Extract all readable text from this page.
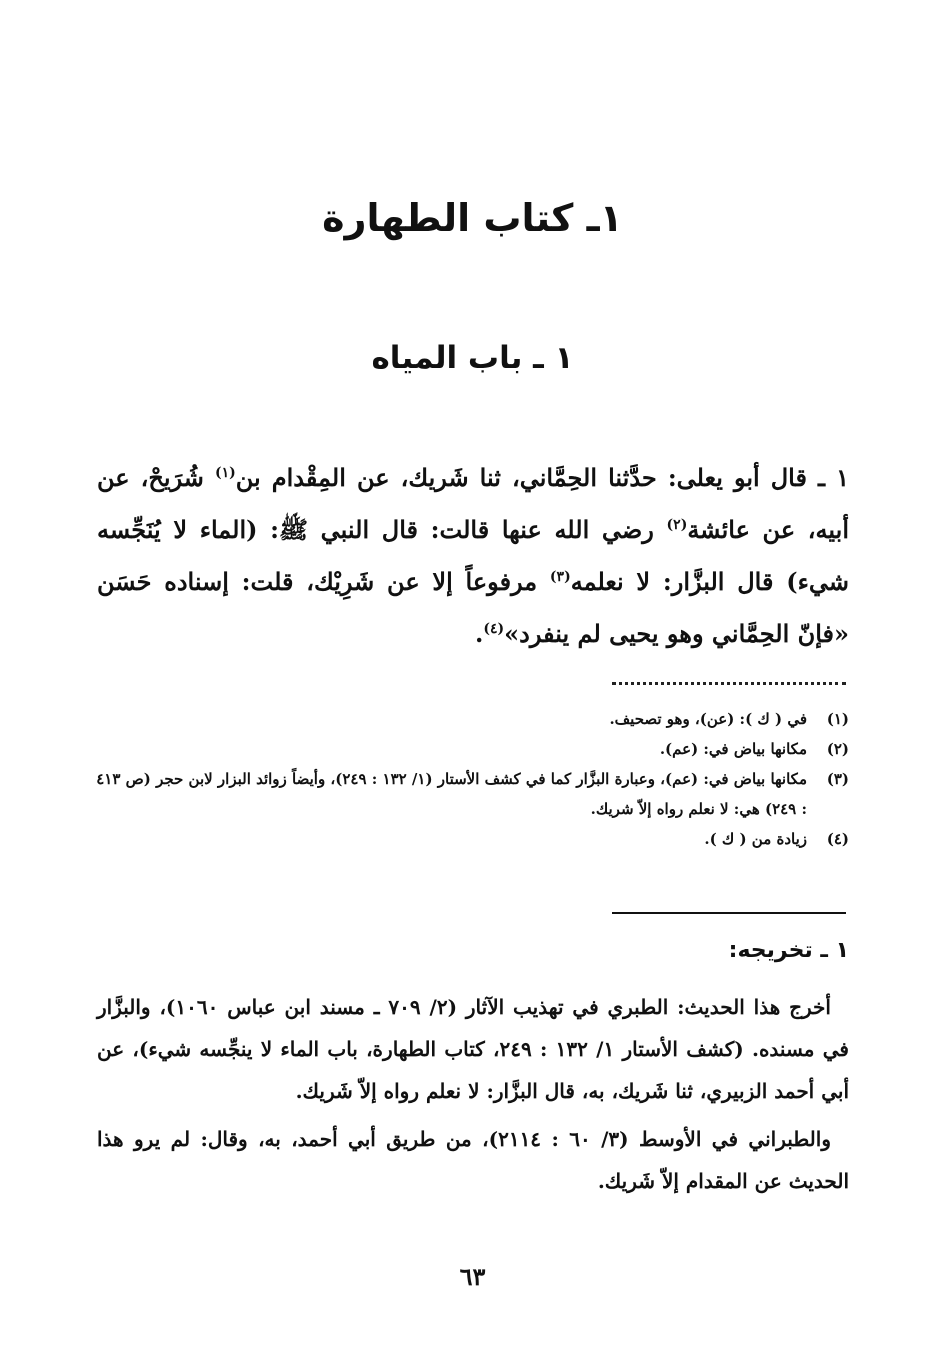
١ـ كتاب الطهارة
١ ـ باب المياه
١ ـ قال أبو يعلى: حدَّثنا الحِمَّاني، ثنا شَريك، عن المِقْدام بن$^{(١)}$ شُرَيحْ، عن أبيه، عن عائشة$^{(٢)}$ رضي الله عنها قالت: قال النبي ﷺ: (الماء لا يُنَجِّسه شيء) قال البزَّار: لا نعلمه$^{(٣)}$ مرفوعاً إلا عن شَرِيْك، قلت: إسناده حَسَن «فإنّ الحِمَّاني وهو يحيى لم ينفرد»$^{(٤)}$.
(١)
في ( ك ): (عن)، وهو تصحيف.
(٢)
مكانها بياض في: (عم).
(٣)
مكانها بياض في: (عم)، وعبارة البزَّار كما في كشف الأستار (١/ ١٣٢ : ٢٤٩)، وأيضاً زوائد البزار لابن حجر (ص ٤١٣ : ٢٤٩) هي: لا نعلم رواه إلاّ شريك.
(٤)
زيادة من ( ك ).
١ ـ تخريجه:

أخرج هذا الحديث: الطبري في تهذيب الآثار (٢/ ٧٠٩ ـ مسند ابن عباس ١٠٦٠)، والبزَّار في مسنده. (كشف الأستار ١/ ١٣٢ : ٢٤٩، كتاب الطهارة، باب الماء لا ينجِّسه شيء)، عن أبي أحمد الزبيري، ثنا شَريك، به، قال البزَّار: لا نعلم رواه إلاّ شَريك.

والطبراني في الأوسط (٣/ ٦٠ : ٢١١٤)، من طريق أبي أحمد، به، وقال: لم يرو هذا الحديث عن المقدام إلاّ شَريك.

٦٣
